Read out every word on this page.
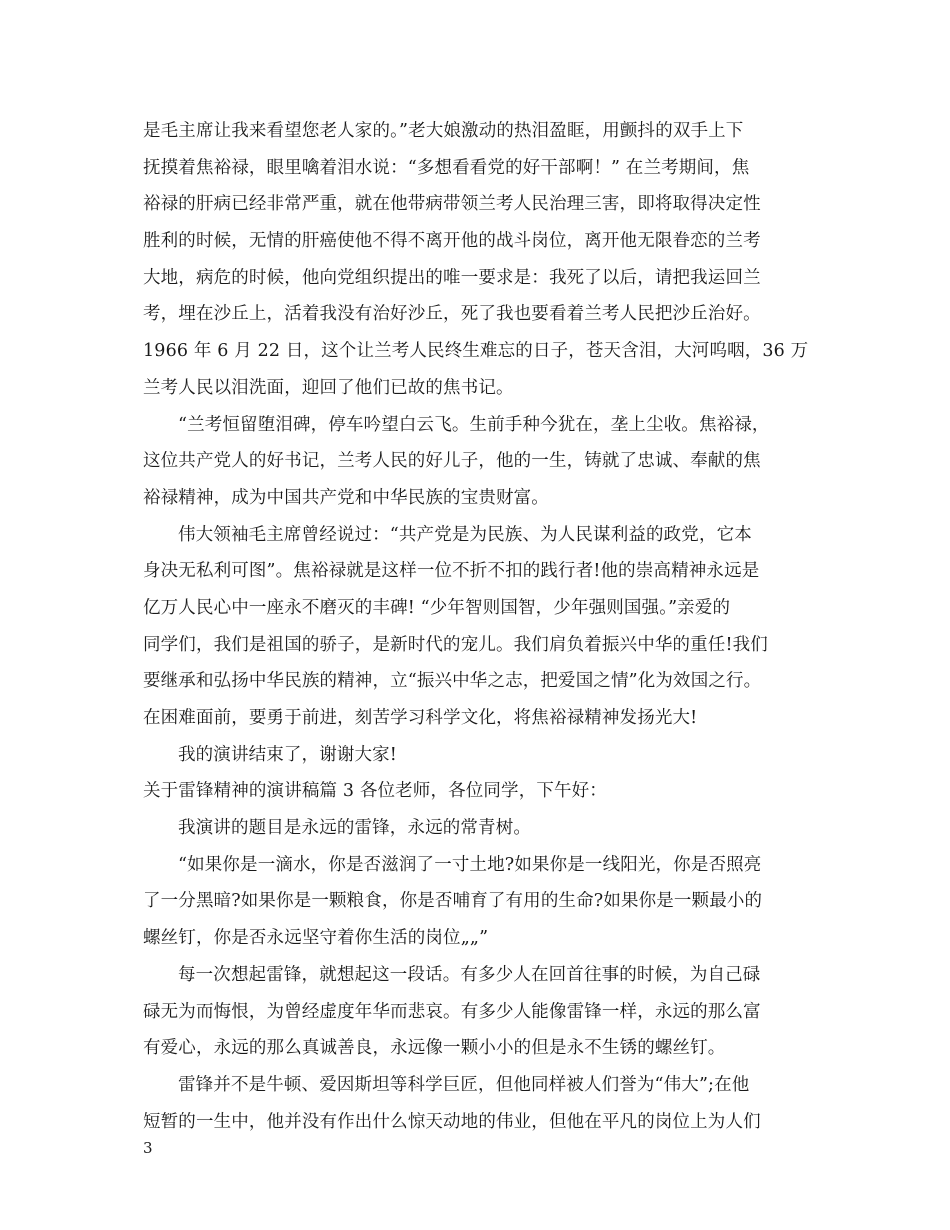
是毛主席让我来看望您老人家的。”老大娘激动的热泪盈眶，用颤抖的双手上下
抚摸着焦裕禄，眼里噙着泪水说：“多想看看党的好干部啊！” 在兰考期间，焦
裕禄的肝病已经非常严重，就在他带病带领兰考人民治理三害，即将取得决定性
胜利的时候，无情的肝癌使他不得不离开他的战斗岗位，离开他无限眷恋的兰考
大地，病危的时候，他向党组织提出的唯一要求是：我死了以后，请把我运回兰
考，埋在沙丘上，活着我没有治好沙丘，死了我也要看着兰考人民把沙丘治好。
1966 年 6 月 22 日，这个让兰考人民终生难忘的日子，苍天含泪，大河呜咽，36 万
兰考人民以泪洗面，迎回了他们已故的焦书记。
“兰考恒留堕泪碑，停车吟望白云飞。生前手种今犹在，垄上尘收。焦裕禄，
这位共产党人的好书记，兰考人民的好儿子，他的一生，铸就了忠诚、奉献的焦
裕禄精神，成为中国共产党和中华民族的宝贵财富。
伟大领袖毛主席曾经说过：“共产党是为民族、为人民谋利益的政党，它本
身决无私利可图”。焦裕禄就是这样一位不折不扣的践行者!他的崇高精神永远是
亿万人民心中一座永不磨灭的丰碑! “少年智则国智，少年强则国强。”亲爱的
同学们，我们是祖国的骄子，是新时代的宠儿。我们肩负着振兴中华的重任!我们
要继承和弘扬中华民族的精神，立“振兴中华之志，把爱国之情”化为效国之行。
在困难面前，要勇于前进，刻苦学习科学文化，将焦裕禄精神发扬光大!
我的演讲结束了，谢谢大家!
关于雷锋精神的演讲稿篇 3 各位老师，各位同学，下午好：
我演讲的题目是永远的雷锋，永远的常青树。
“如果你是一滴水，你是否滋润了一寸土地?如果你是一线阳光，你是否照亮
了一分黑暗?如果你是一颗粮食，你是否哺育了有用的生命?如果你是一颗最小的
螺丝钉，你是否永远坚守着你生活的岗位„„”
每一次想起雷锋，就想起这一段话。有多少人在回首往事的时候，为自己碌
碌无为而悔恨，为曾经虚度年华而悲哀。有多少人能像雷锋一样，永远的那么富
有爱心，永远的那么真诚善良，永远像一颗小小的但是永不生锈的螺丝钉。
雷锋并不是牛顿、爱因斯坦等科学巨匠，但他同样被人们誉为“伟大”;在他
短暂的一生中，他并没有作出什么惊天动地的伟业，但他在平凡的岗位上为人们
3
